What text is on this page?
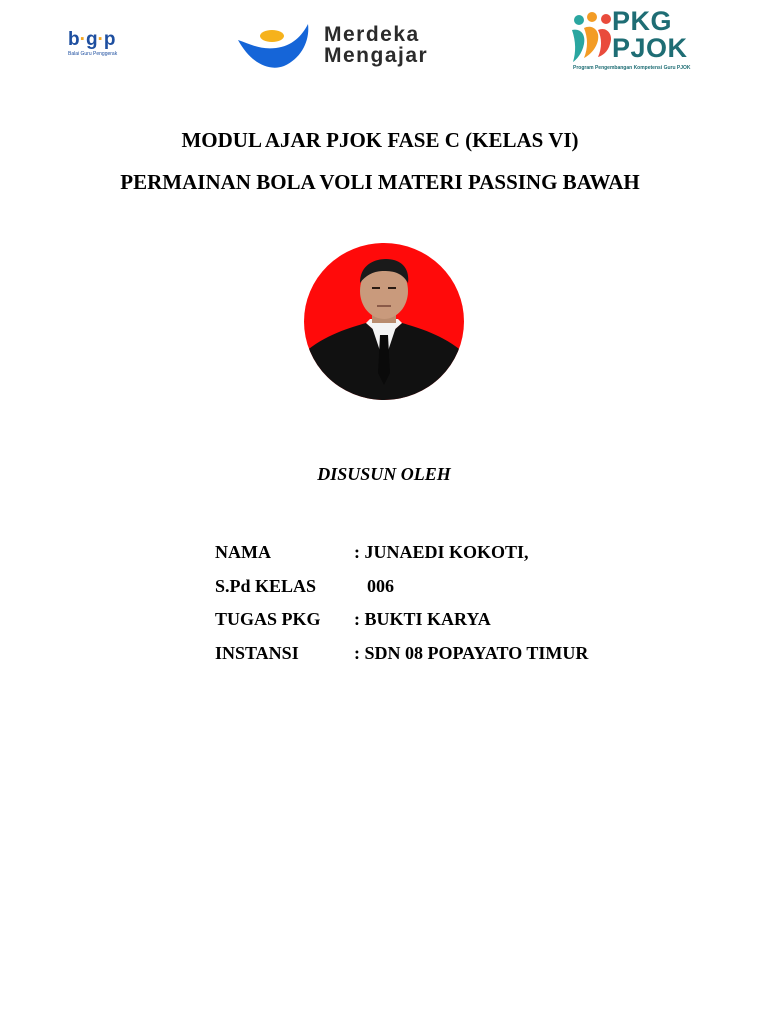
b·g·p
Balai Guru Penggerak
Merdeka
Mengajar
PKG
PJOK
Program Pengembangan Kompetensi Guru PJOK
MODUL AJAR PJOK FASE C (KELAS VI)
PERMAINAN BOLA VOLI MATERI PASSING BAWAH
DISUSUN OLEH
NAMA	: JUNAEDI KOKOTI,
S.Pd KELAS	006
TUGAS PKG : BUKTI KARYA
INSTANSI	: SDN 08 POPAYATO TIMUR
